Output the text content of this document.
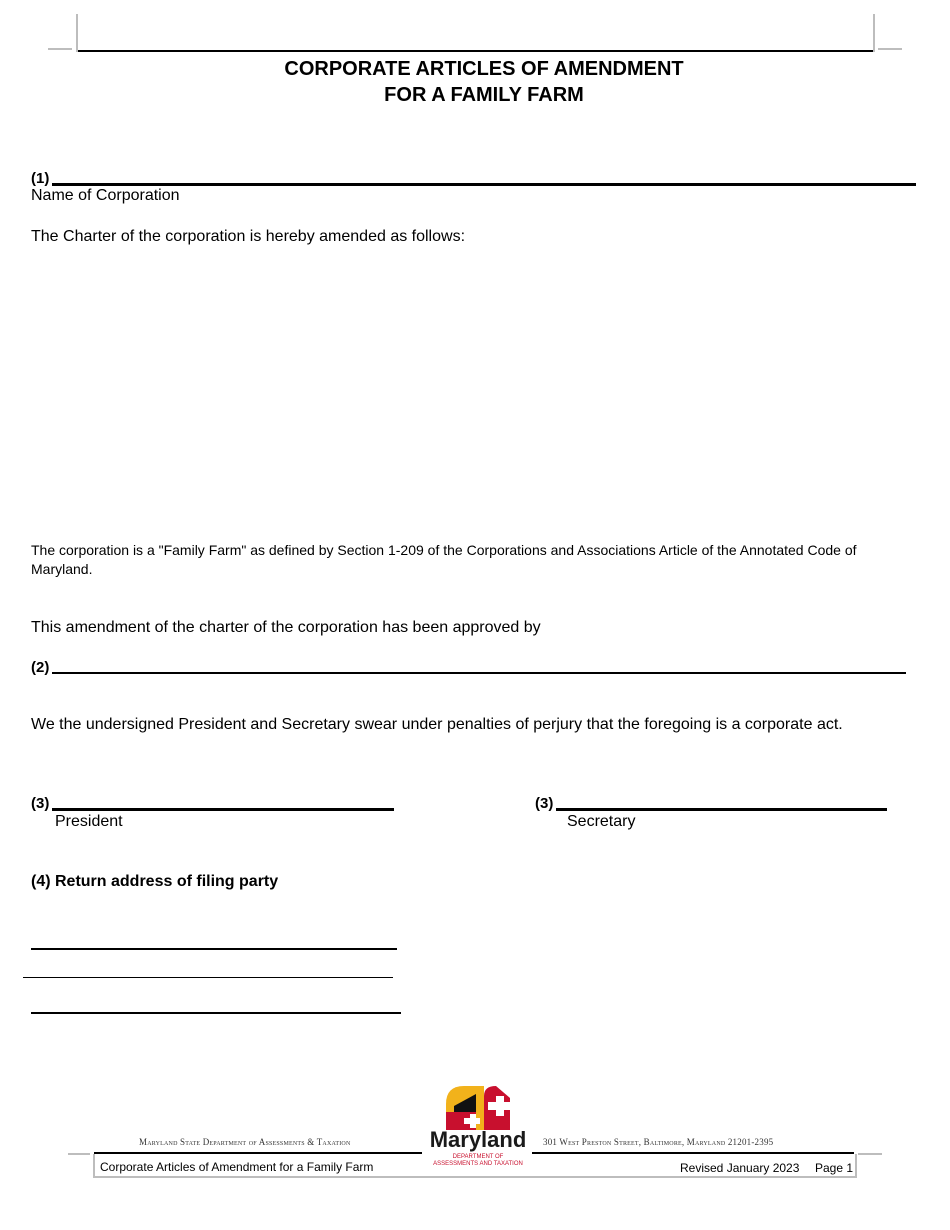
CORPORATE ARTICLES OF AMENDMENT
FOR A FAMILY FARM
(1)
Name of Corporation
The Charter of the corporation is hereby amended as follows:
The corporation is a "Family Farm" as defined by Section 1-209 of the Corporations and Associations Article of the Annotated Code of Maryland.
This amendment of the charter of the corporation has been approved by
(2)
We the undersigned President and Secretary swear under penalties of perjury that the foregoing is a corporate act.
(3)
President
(3)
Secretary
(4) Return address of filing party
Maryland State Department of Assessments & Taxation	301 West Preston Street, Baltimore, Maryland 21201-2395
Maryland
DEPARTMENT OF
ASSESSMENTS AND TAXATION
Corporate Articles of Amendment for a Family Farm	Revised January 2023 Page 1
